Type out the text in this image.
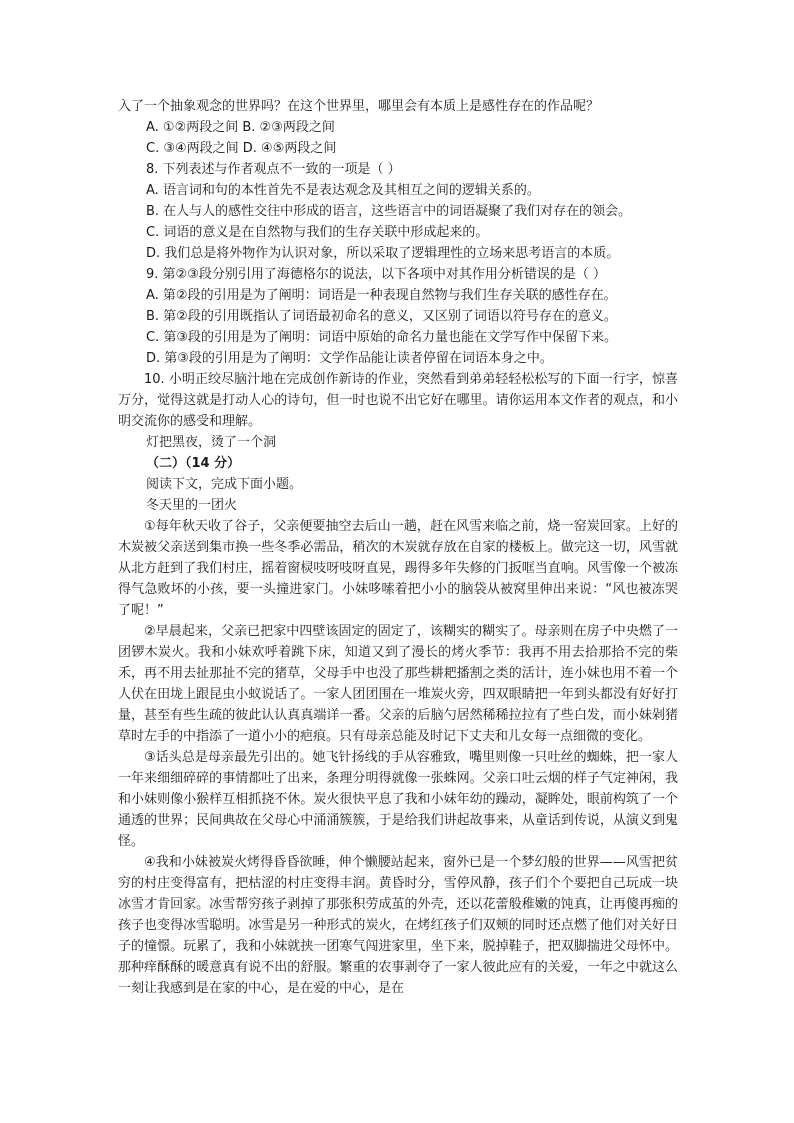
入了一个抽象观念的世界吗？在这个世界里，哪里会有本质上是感性存在的作品呢？
A. ①②两段之间 B. ②③两段之间
C. ③④两段之间 D. ④⑤两段之间
8. 下列表述与作者观点不一致的一项是（ ）
A. 语言词和句的本性首先不是表达观念及其相互之间的逻辑关系的。
B. 在人与人的感性交往中形成的语言，这些语言中的词语凝聚了我们对存在的领会。
C. 词语的意义是在自然物与我们的生存关联中形成起来的。
D. 我们总是将外物作为认识对象，所以采取了逻辑理性的立场来思考语言的本质。
9. 第②③段分别引用了海德格尔的说法，以下各项中对其作用分析错误的是（ ）
A. 第②段的引用是为了阐明：词语是一种表现自然物与我们生存关联的感性存在。
B. 第②段的引用既指认了词语最初命名的意义，又区别了词语以符号存在的意义。
C. 第③段的引用是为了阐明：词语中原始的命名力量也能在文学写作中保留下来。
D. 第③段的引用是为了阐明：文学作品能让读者停留在词语本身之中。

10. 小明正绞尽脑汁地在完成创作新诗的作业，突然看到弟弟轻轻松松写的下面一行字，惊喜万分，觉得这就是打动人心的诗句，但一时也说不出它好在哪里。请你运用本文作者的观点，和小明交流你的感受和理解。

灯把黑夜，烫了一个洞
（二）（14 分）
阅读下文，完成下面小题。
冬天里的一团火

①每年秋天收了谷子，父亲便要抽空去后山一趟，赶在风雪来临之前，烧一窑炭回家。上好的木炭被父亲送到集市换一些冬季必需品，稍次的木炭就存放在自家的楼板上。做完这一切，风雪就从北方赶到了我们村庄，摇着窗棂吱呀吱呀直晃，踢得多年失修的门扳哐当直响。风雪像一个被冻得气急败坏的小孩，要一头撞进家门。小妹哆嗦着把小小的脑袋从被窝里伸出来说：“风也被冻哭了呢！”

②早晨起来，父亲已把家中四壁该固定的固定了，该糊实的糊实了。母亲则在房子中央燃了一团锣木炭火。我和小妹欢呼着跳下床，知道又到了漫长的烤火季节：我再不用去拾那拾不完的柴禾，再不用去扯那扯不完的猪草，父母手中也没了那些耕耙播割之类的活计，连小妹也用不着一个人伏在田垅上跟昆虫小蚁说话了。一家人团团围在一堆炭火旁，四双眼睛把一年到头都没有好好打量，甚至有些生疏的彼此认认真真端详一番。父亲的后脑勺居然稀稀拉拉有了些白发，而小妹剁猪草时左手的中指添了一道小小的疤痕。只有母亲总能及时记下丈夫和儿女每一点细微的变化。

③话头总是母亲最先引出的。她飞针扬线的手从容雅致，嘴里则像一只吐丝的蜘蛛，把一家人一年来细细碎碎的事情都吐了出来，条理分明得就像一张蛛网。父亲口吐云烟的样子气定神闲，我和小妹则像小猴样互相抓挠不休。炭火很快平息了我和小妹年幼的躁动，凝眸处，眼前构筑了一个通透的世界；民间典故在父母心中涌涌簇簇，于是给我们讲起故事来，从童话到传说，从演义到鬼怪。

④我和小妹被炭火烤得昏昏欲睡，伸个懒腰站起来，窗外已是一个梦幻般的世界——风雪把贫穷的村庄变得富有，把枯涩的村庄变得丰润。黄昏时分，雪停风静，孩子们个个要把自己玩成一块冰雪才肯回家。冰雪帮穷孩子剥掉了那张积劳成茧的外壳，还以花蕾般稚嫩的饨真，让再傻再痴的孩子也变得冰雪聪明。冰雪是另一种形式的炭火，在烤红孩子们双颊的同时还点燃了他们对关好日子的憧憬。玩累了，我和小妹就挟一团寒气闯进家里，坐下来，脱掉鞋子，把双脚揣进父母怀中。那种痒酥酥的暖意真有说不出的舒服。繁重的农事剥夺了一家人彼此应有的关爱，一年之中就这么一刻让我感到是在家的中心，是在爱的中心，是在
